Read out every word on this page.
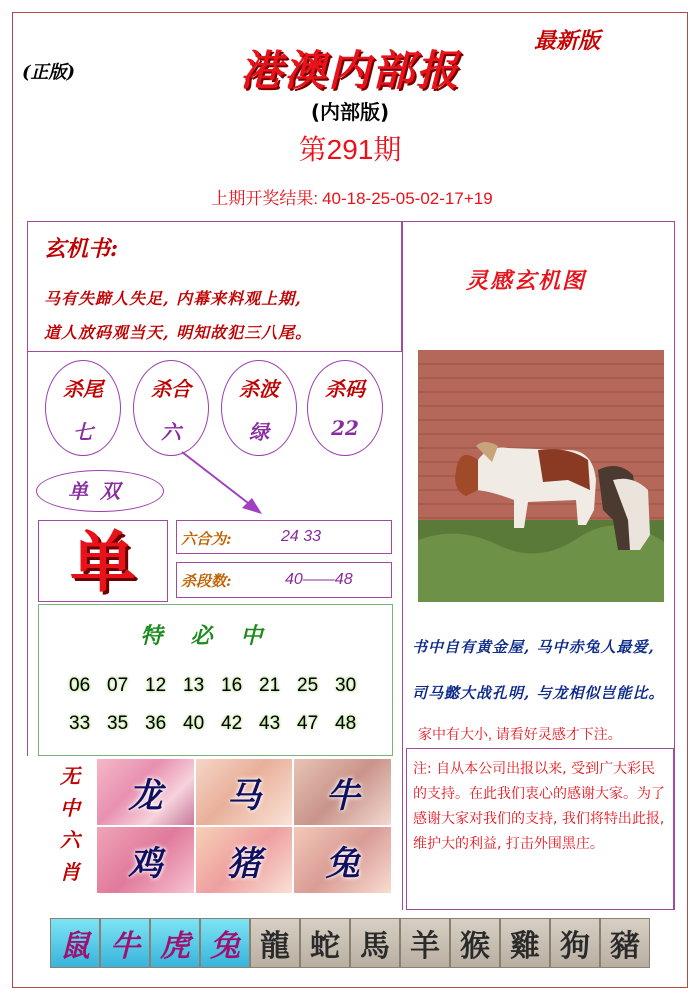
(正版)
最新版
港澳内部报
(内部版)
第291期
上期开奖结果: 40-18-25-05-02-17+19
玄机书:
马有失蹄人失足, 内幕来料观上期,
道人放码观当天, 明知故犯三八尾。
杀尾
七
杀合
六
杀波
绿
杀码
22
单双
单	六合为:	24 33
杀段数:	40——48
特必中
06 07 12 13 16 21 25 30
33 35 36 40 42 43 47 48
无
中
六
肖
龙 马 牛
鸡 猪 兔
灵感玄机图
书中自有黄金屋, 马中赤兔人最爱,
司马懿大战孔明, 与龙相似岂能比。
家中有大小, 请看好灵感才下注。

注: 自从本公司出报以来, 受到广大彩民的支持。在此我们衷心的感谢大家。为了感谢大家对我们的支持, 我们将特出此报, 维护大的利益, 打击外围黑庄。

鼠 牛 虎 兔 龍 蛇 馬 羊 猴 雞 狗 豬
